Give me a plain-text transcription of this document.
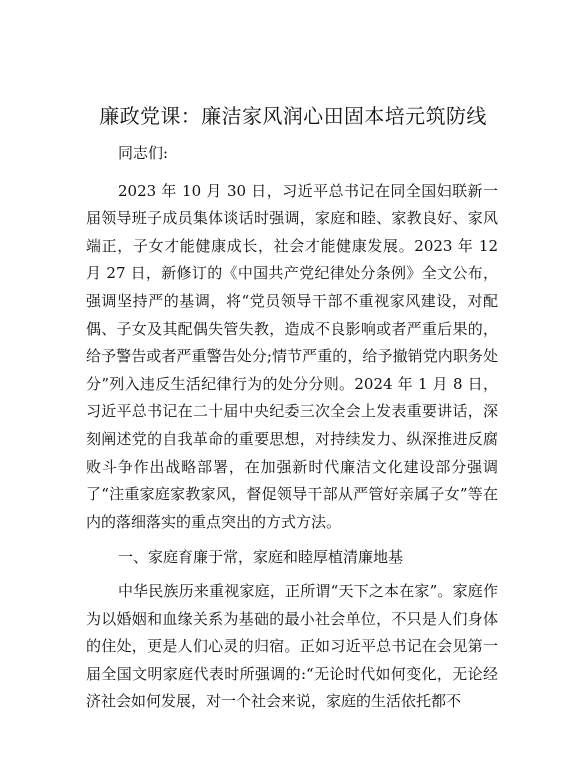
廉政党课：廉洁家风润心田固本培元筑防线

同志们:

2023 年 10 月 30 日，习近平总书记在同全国妇联新一届领导班子成员集体谈话时强调，家庭和睦、家教良好、家风端正，子女才能健康成长，社会才能健康发展。2023 年 12 月 27 日，新修订的《中国共产党纪律处分条例》全文公布，强调坚持严的基调，将“党员领导干部不重视家风建设，对配偶、子女及其配偶失管失教，造成不良影响或者严重后果的，给予警告或者严重警告处分;情节严重的，给予撤销党内职务处分”列入违反生活纪律行为的处分分则。2024 年 1 月 8 日，习近平总书记在二十届中央纪委三次全会上发表重要讲话，深刻阐述党的自我革命的重要思想，对持续发力、纵深推进反腐败斗争作出战略部署，在加强新时代廉洁文化建设部分强调了“注重家庭家教家风，督促领导干部从严管好亲属子女”等在内的落细落实的重点突出的方式方法。

一、家庭育廉于常，家庭和睦厚植清廉地基

中华民族历来重视家庭，正所谓“天下之本在家”。家庭作为以婚姻和血缘关系为基础的最小社会单位，不只是人们身体的住处，更是人们心灵的归宿。正如习近平总书记在会见第一届全国文明家庭代表时所强调的:“无论时代如何变化，无论经济社会如何发展，对一个社会来说，家庭的生活依托都不
